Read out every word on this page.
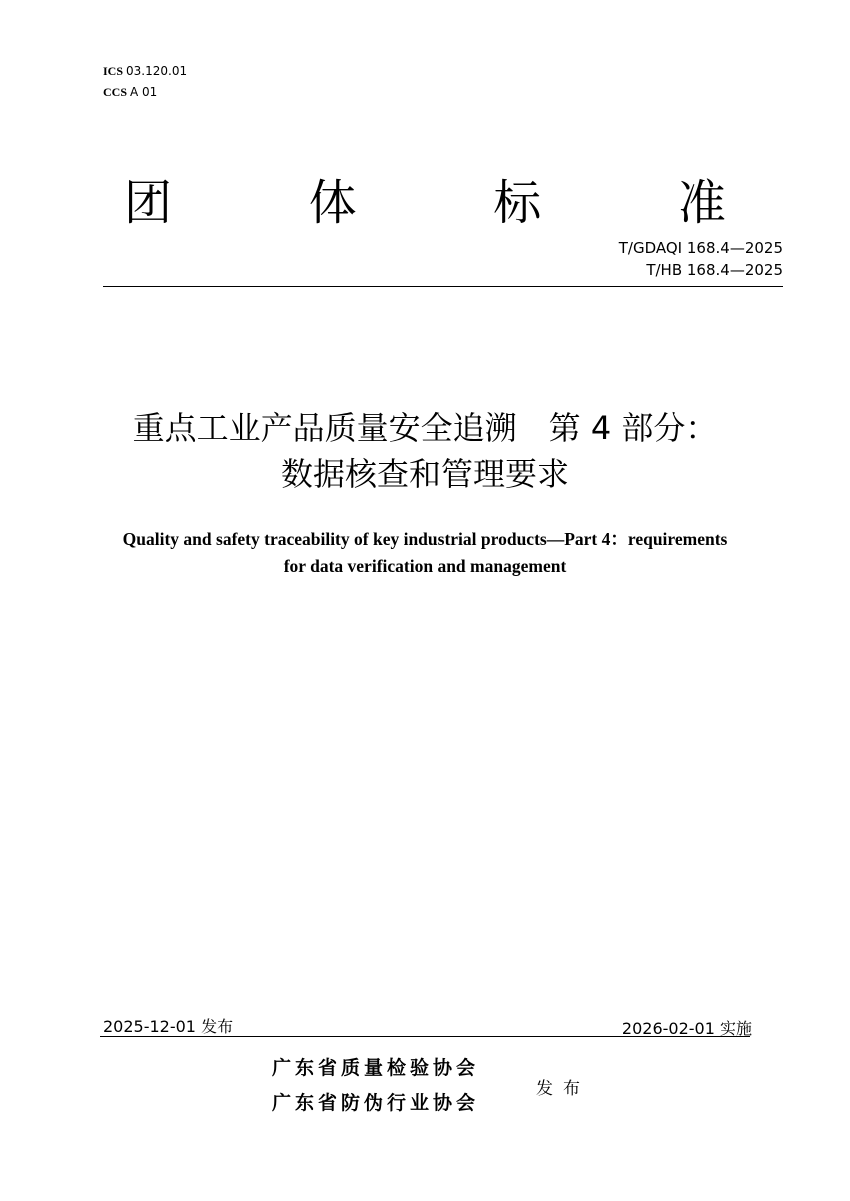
ICS 03.120.01
CCS A 01
团	体	标	准
T/GDAQI 168.4—2025
T/HB 168.4—2025
重点工业产品质量安全追溯　第 4 部分：
数据核查和管理要求
Quality and safety traceability of key industrial products—Part 4：requirements
for data verification and management
2025-12-01 发布	2026-02-01 实施
广东省质量检验协会
广东省防伪行业协会
发布
